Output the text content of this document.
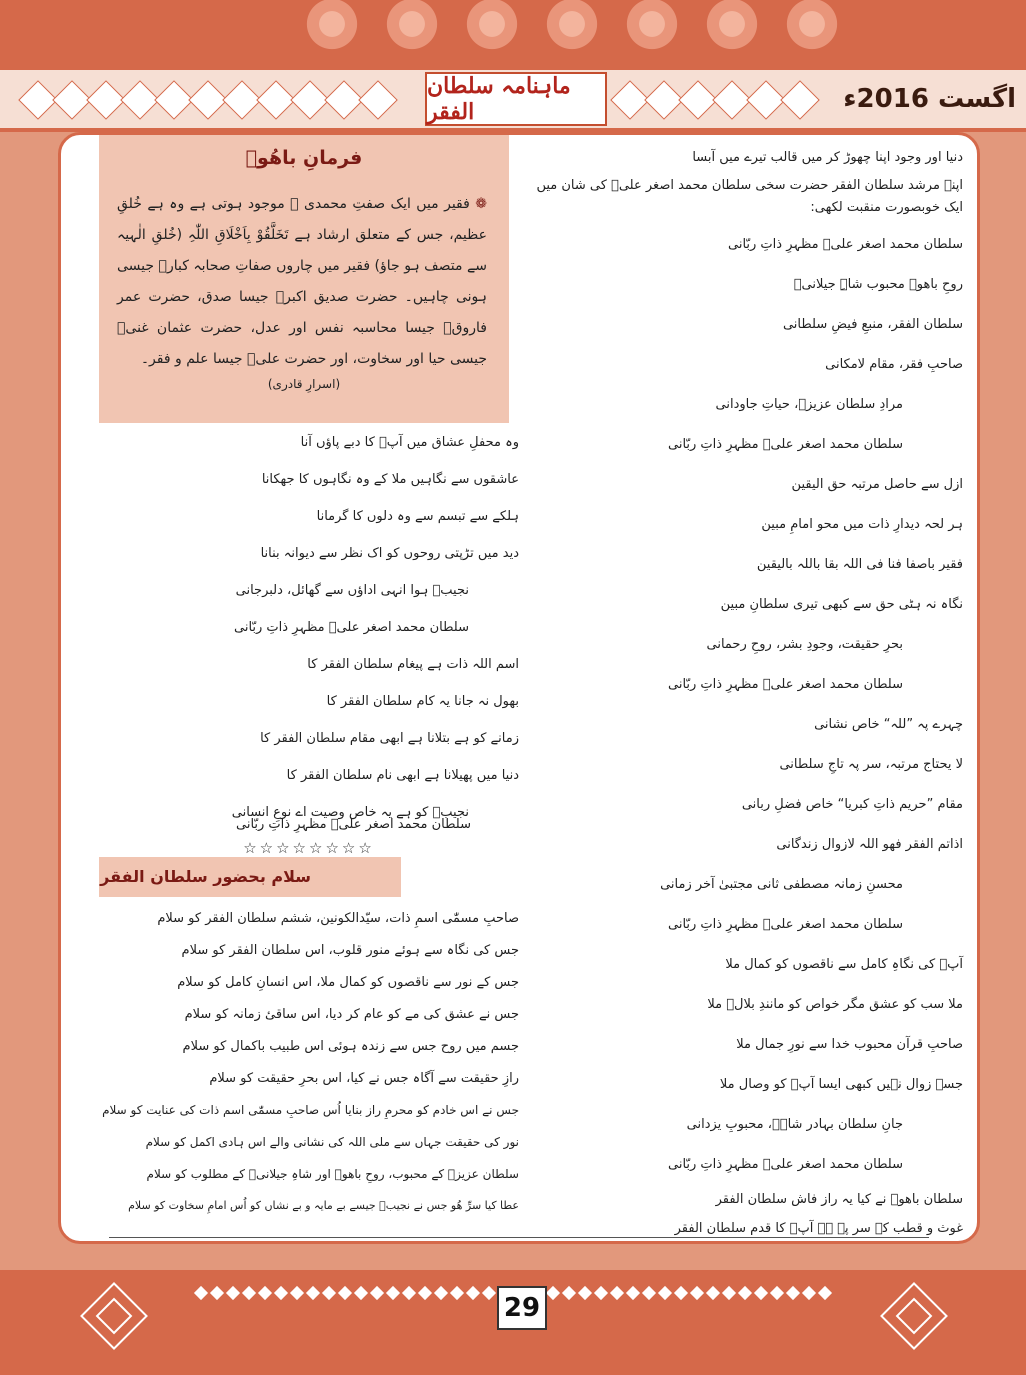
ماہنامہ سلطان الفقر	اگست 2016ء
دنیا اور وجود اپنا چھوڑ کر میں قالب تیرے میں آبسا
اپنے مرشد سلطان الفقر حضرت سخی سلطان محمد اصغر علیؒ کی شان میں ایک خوبصورت منقبت لکھی:
سلطان محمد اصغر علیؒ مظہرِ ذاتِ ربّانی
روحِ باھوؒ محبوب شاہِ جیلانیؒ
سلطان الفقر، منبعِ فیضِ سلطانی
صاحبِ فقر، مقام لامکانی
مرادِ سلطان عزیزؒ، حیاتِ جاودانی
سلطان محمد اصغر علیؒ مظہرِ ذاتِ ربّانی
ازل سے حاصل مرتبہ حق الیقین
ہر لحہ دیدارِ ذات میں محو امامِ مبین
فقیر باصفا فنا فی اللہ بقا باللہ بالیقین
نگاہ نہ ہٹی حق سے کبھی تیری سلطانِ مبین
بحرِ حقیقت، وجودِ بشر، روحِ رحمانی
سلطان محمد اصغر علیؒ مظہرِ ذاتِ ربّانی
چہرے پہ ”للہ“ خاص نشانی
لا یحتاج مرتبہ، سر پہ تاجِ سلطانی
مقام ”حریم ذاتِ کبریا“ خاص فضلِ ربانی
اذاتم الفقر فھو اللہ لازوال زندگانی
محسنِ زمانہ مصطفی ثانی مجتبیٰ آخر زمانی
سلطان محمد اصغر علیؒ مظہرِ ذاتِ ربّانی
آپؒ کی نگاہِ کامل سے ناقصوں کو کمال ملا
ملا سب کو عشق مگر خواص کو مانندِ بلالؓ ملا
صاحبِ قرآن محبوب خدا سے نورِ جمال ملا
جسے زوال نہیں کبھی ایسا آپؒ کو وصال ملا
جانِ سلطان بہادر شاہؒ، محبوبِ یزدانی
سلطان محمد اصغر علیؒ مظہرِ ذاتِ ربّانی
سلطان باھوؒ نے کیا یہ راز فاش سلطان الفقر
غوث و قطب کے سر پہ ہے آپؒ کا قدم سلطان الفقر
فرمانِ باھُوؒ
❁ فقیر میں ایک صفتِ محمدی ﷺ موجود ہوتی ہے وہ ہے خُلقِ عظیم، جس کے متعلق ارشاد ہے تَخَلَّقُوْ بِاَخْلَاقِ اللّٰہِ (خُلقِ الٰہیہ سے متصف ہو جاؤ) فقیر میں چاروں صفاتِ صحابہ کبارؓ جیسی ہونی چاہیں۔ حضرت صدیق اکبرؓ جیسا صدق، حضرت عمر فاروقؓ جیسا محاسبہ نفس اور عدل، حضرت عثمان غنیؓ جیسی حیا اور سخاوت، اور حضرت علیؓ جیسا علم و فقر۔
(اسرارِ قادری)
وہ محفلِ عشاق میں آپؒ کا دبے پاؤں آنا
عاشقوں سے نگاہیں ملا کے وہ نگاہوں کا جھکانا
ہلکے سے تبسم سے وہ دلوں کا گرمانا
دید میں تڑپتی روحوں کو اک نظر سے دیوانہ بنانا
نجیبؔ ہوا انہی اداؤں سے گھائل، دلبرجانی
سلطان محمد اصغر علیؒ مظہرِ ذاتِ ربّانی
اسم اللہ ذات ہے پیغام سلطان الفقر کا
بھول نہ جانا یہ کام سلطان الفقر کا
زمانے کو ہے بتلانا ہے ابھی مقام سلطان الفقر کا
دنیا میں پھیلانا ہے ابھی نام سلطان الفقر کا
نجیبؔ کو ہے یہ خاص وصیت اے نوعِ انسانی
سلطان محمد اصغر علیؒ مظہرِ ذاتِ ربّانی
☆☆☆☆☆☆☆☆
سلام بحضور سلطان الفقر
صاحبِ مسمّٰی اسمِ ذات، سیّدالکونین، ششم سلطان الفقر کو سلام
جس کی نگاہ سے ہوئے منور قلوب، اس سلطان الفقر کو سلام
جس کے نور سے ناقصوں کو کمال ملا، اس انسانِ کامل کو سلام
جس نے عشق کی مے کو عام کر دیا، اس ساقیٔ زمانہ کو سلام
جسم میں روح جس سے زندہ ہوئی اس طبیب باکمال کو سلام
رازِ حقیقت سے آگاہ جس نے کیا، اس بحرِ حقیقت کو سلام
جس نے اس خادم کو محرمِ راز بنایا اُس صاحبِ مسمّٰی اسم ذات کی عنایت کو سلام
نور کی حقیقت جہاں سے ملی اللہ کی نشانی والے اس ہادی اکمل کو سلام
سلطان عزیزؒ کے محبوب، روحِ باھوؒ اور شاہِ جیلانیؒ کے مطلوب کو سلام
عطا کیا سرِّ ھُو جس نے نجیبؔ جیسے بے مایہ و بے نشاں کو اُس امامِ سخاوت کو سلام
29
